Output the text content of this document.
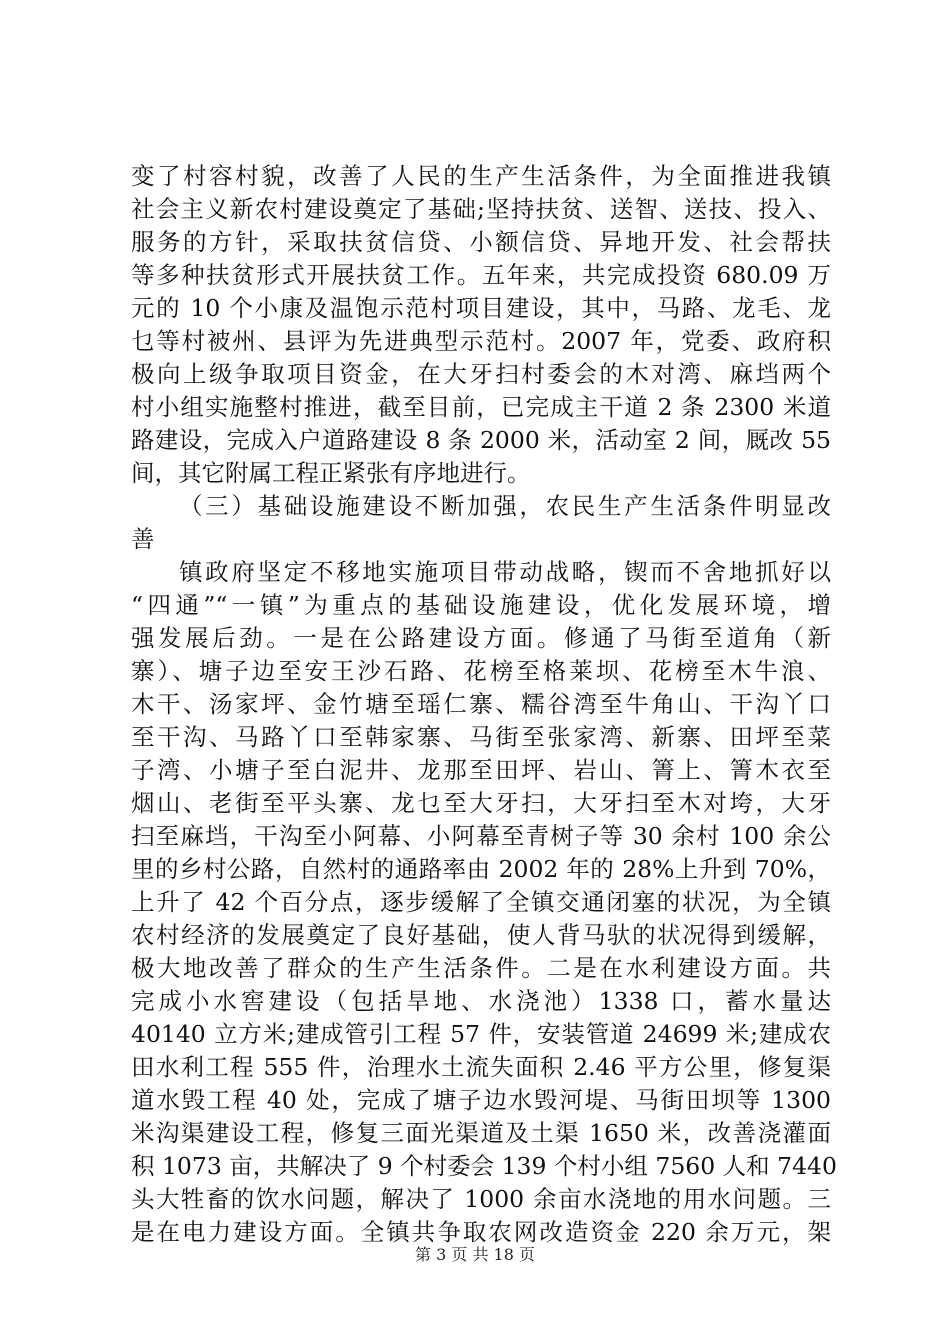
变了村容村貌，改善了人民的生产生活条件，为全面推进我镇
社会主义新农村建设奠定了基础;坚持扶贫、送智、送技、投入、
服务的方针，采取扶贫信贷、小额信贷、异地开发、社会帮扶
等多种扶贫形式开展扶贫工作。五年来，共完成投资 680.09 万
元的 10 个小康及温饱示范村项目建设，其中，马路、龙毛、龙
乜等村被州、县评为先进典型示范村。2007 年，党委、政府积
极向上级争取项目资金，在大牙扫村委会的木对湾、麻垱两个
村小组实施整村推进，截至目前，已完成主干道 2 条 2300 米道
路建设，完成入户道路建设 8 条 2000 米，活动室 2 间，厩改 55
间，其它附属工程正紧张有序地进行。
（三）基础设施建设不断加强，农民生产生活条件明显改
善
镇政府坚定不移地实施项目带动战略，锲而不舍地抓好以
“四通”“一镇”为重点的基础设施建设，优化发展环境，增
强发展后劲。一是在公路建设方面。修通了马街至道角（新
寨）、塘子边至安王沙石路、花榜至格莱坝、花榜至木牛浪、
木干、汤家坪、金竹塘至瑶仁寨、糯谷湾至牛角山、干沟丫口
至干沟、马路丫口至韩家寨、马街至张家湾、新寨、田坪至菜
子湾、小塘子至白泥井、龙那至田坪、岩山、箐上、箐木衣至
烟山、老街至平头寨、龙乜至大牙扫，大牙扫至木对垮，大牙
扫至麻垱，干沟至小阿幕、小阿幕至青树子等 30 余村 100 余公
里的乡村公路，自然村的通路率由 2002 年的 28%上升到 70%，
上升了 42 个百分点，逐步缓解了全镇交通闭塞的状况，为全镇
农村经济的发展奠定了良好基础，使人背马驮的状况得到缓解，
极大地改善了群众的生产生活条件。二是在水利建设方面。共
完成小水窖建设（包括旱地、水浇池）1338 口，蓄水量达
40140 立方米;建成管引工程 57 件，安装管道 24699 米;建成农
田水利工程 555 件，治理水土流失面积 2.46 平方公里，修复渠
道水毁工程 40 处，完成了塘子边水毁河堤、马街田坝等 1300
米沟渠建设工程，修复三面光渠道及土渠 1650 米，改善浇灌面
积 1073 亩，共解决了 9 个村委会 139 个村小组 7560 人和 7440
头大牲畜的饮水问题，解决了 1000 余亩水浇地的用水问题。三
是在电力建设方面。全镇共争取农网改造资金 220 余万元，架
第 3 页 共 18 页
